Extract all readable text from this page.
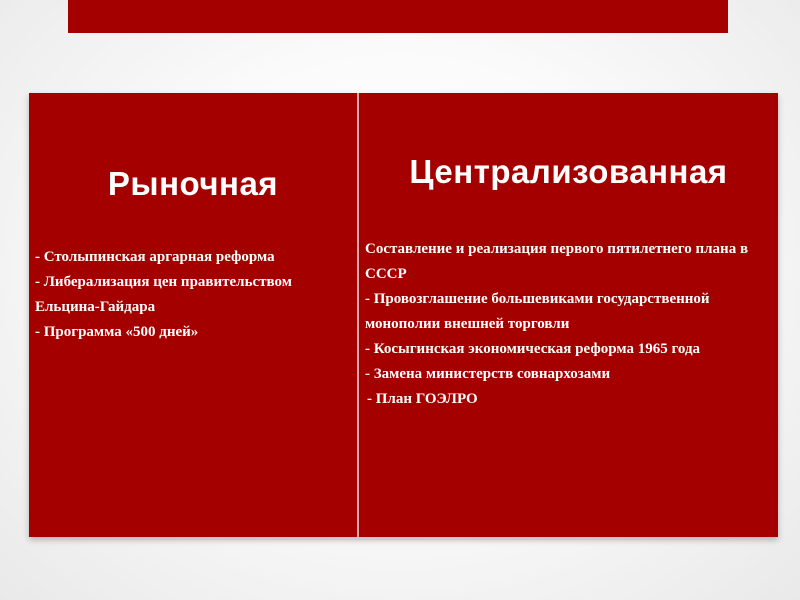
Рыночная
- Столыпинская аргарная реформа
- Либерализация цен правительством Ельцина-Гайдара
- Программа «500 дней»
Централизованная
Составление и реализация первого пятилетнего плана в СССР
- Провозглашение большевиками государственной монополии внешней торговли
- Косыгинская экономическая реформа 1965 года
- Замена министерств совнархозами
- План ГОЭЛРО
